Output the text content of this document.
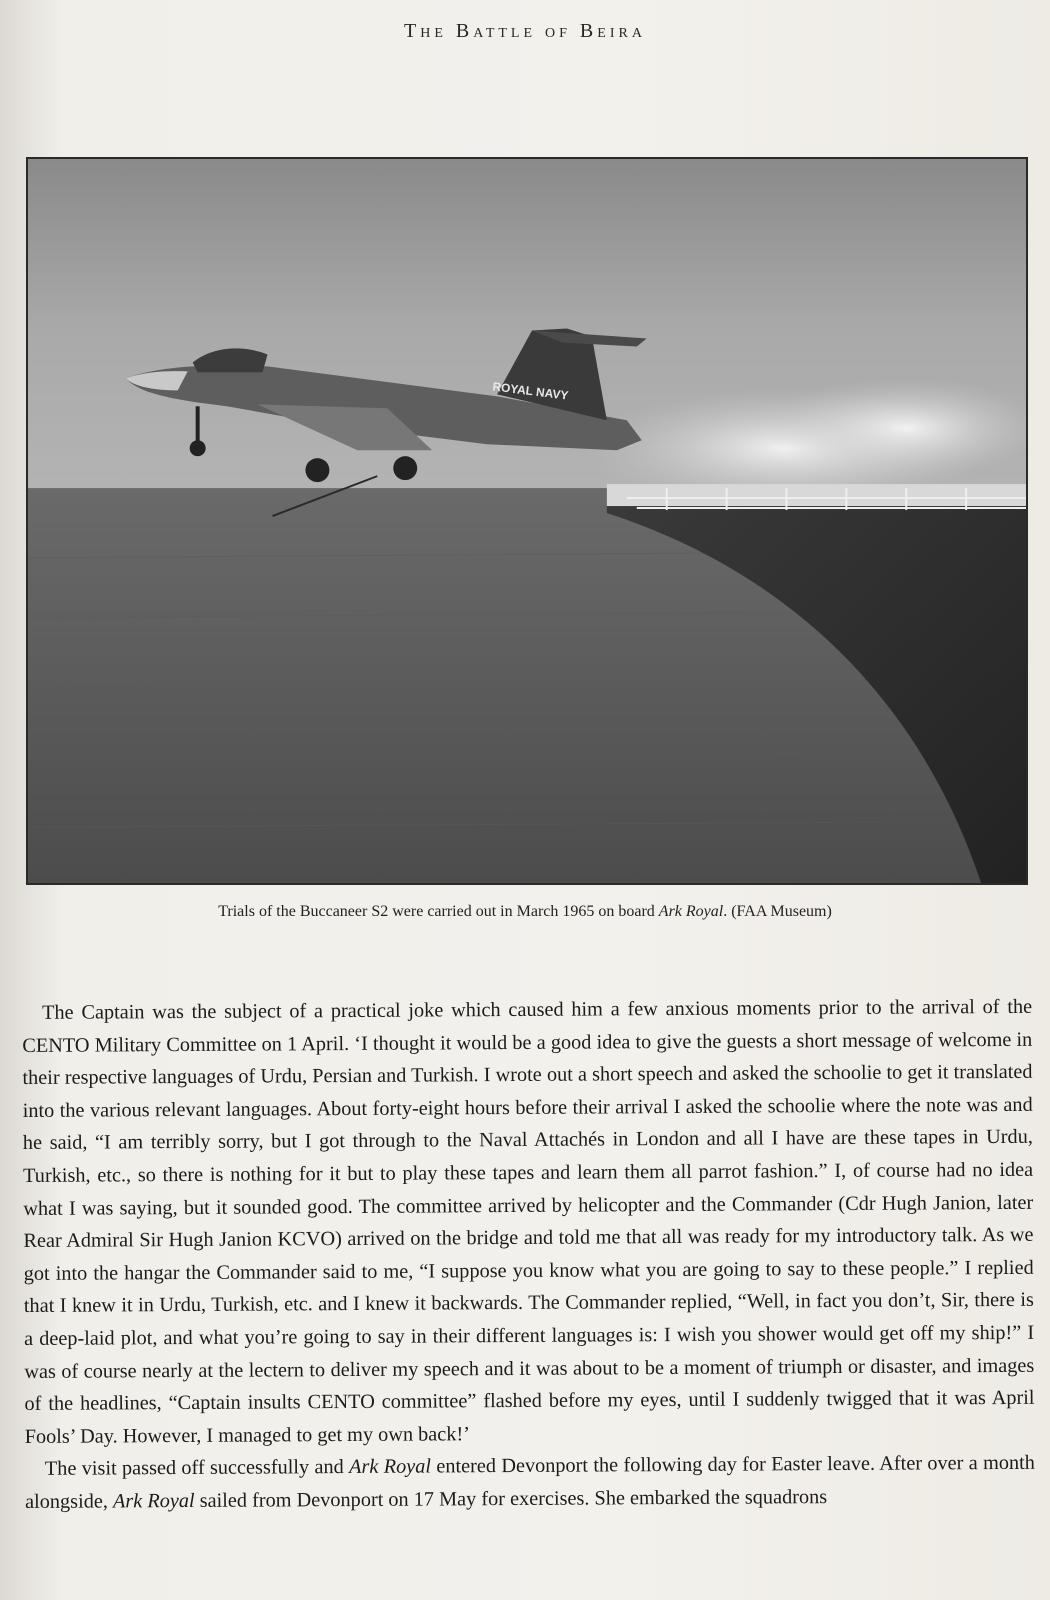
The Battle of Beira
ROYAL NAVY
Trials of the Buccaneer S2 were carried out in March 1965 on board Ark Royal. (FAA Museum)

The Captain was the subject of a practical joke which caused him a few anxious moments prior to the arrival of the CENTO Military Committee on 1 April. ‘I thought it would be a good idea to give the guests a short message of welcome in their respective languages of Urdu, Persian and Turkish. I wrote out a short speech and asked the schoolie to get it translated into the various relevant languages. About forty-eight hours before their arrival I asked the schoolie where the note was and he said, “I am terribly sorry, but I got through to the Naval Attachés in London and all I have are these tapes in Urdu, Turkish, etc., so there is nothing for it but to play these tapes and learn them all parrot fashion.” I, of course had no idea what I was saying, but it sounded good. The committee arrived by helicopter and the Commander (Cdr Hugh Janion, later Rear Admiral Sir Hugh Janion KCVO) arrived on the bridge and told me that all was ready for my introductory talk. As we got into the hangar the Commander said to me, “I suppose you know what you are going to say to these people.” I replied that I knew it in Urdu, Turkish, etc. and I knew it backwards. The Commander replied, “Well, in fact you don’t, Sir, there is a deep-laid plot, and what you’re going to say in their different languages is: I wish you shower would get off my ship!” I was of course nearly at the lectern to deliver my speech and it was about to be a moment of triumph or disaster, and images of the headlines, “Captain insults CENTO committee” flashed before my eyes, until I suddenly twigged that it was April Fools’ Day. However, I managed to get my own back!’

The visit passed off successfully and Ark Royal entered Devonport the following day for Easter leave. After over a month alongside, Ark Royal sailed from Devonport on 17 May for exercises. She embarked the squadrons
